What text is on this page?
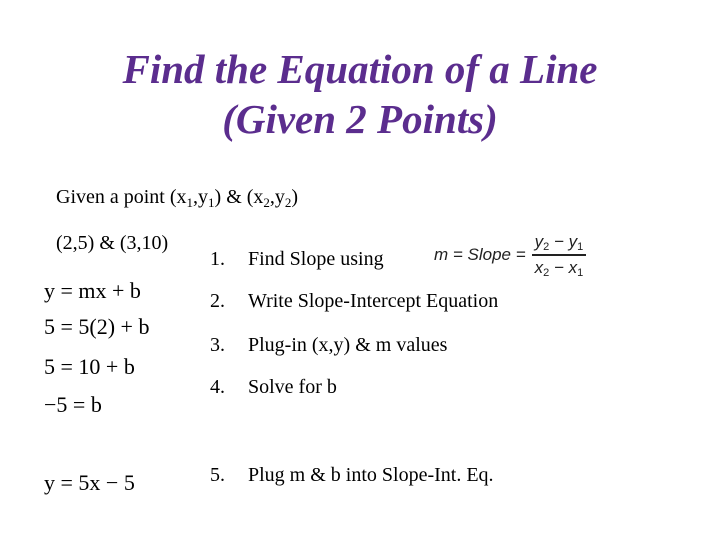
Find the Equation of a Line
(Given 2 Points)
Given a point $(x_1,y_1)$ & $(x_2,y_2)$
(2,5) & (3,10)
y = mx + b
5 = 5(2) + b
5 = 10 + b
−5 = b
y = 5x − 5
1. Find Slope using
2. Write Slope-Intercept Equation
3. Plug-in (x,y) & m values
4. Solve for b
5. Plug m & b into Slope-Int. Eq.
m = Slope = $\frac{y_2 - y_1}{x_2 - x_1}$
